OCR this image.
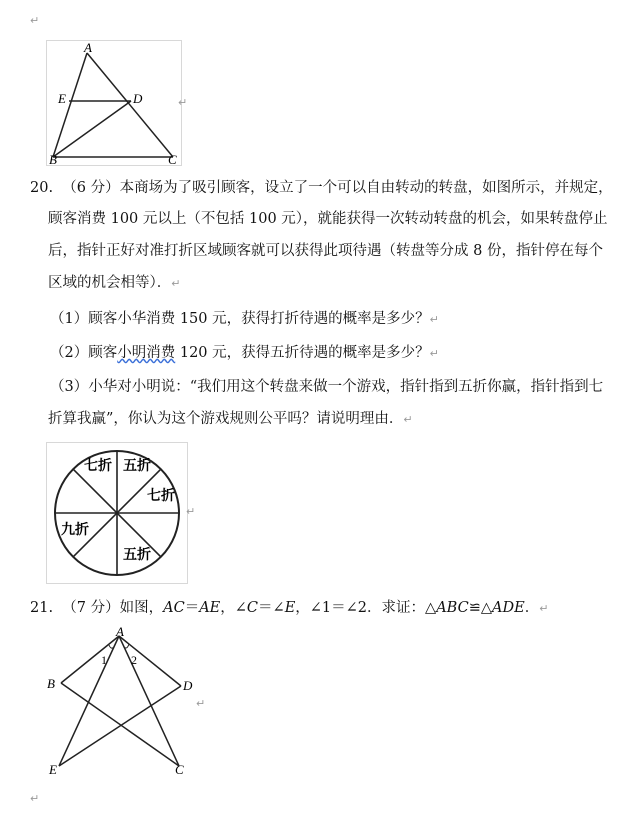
↵
A
E	D
B	C
↵
20. （6 分）本商场为了吸引顾客，设立了一个可以自由转动的转盘，如图所示，并规定，
顾客消费 100 元以上（不包括 100 元），就能获得一次转动转盘的机会，如果转盘停止
后，指针正好对准打折区域顾客就可以获得此项待遇（转盘等分成 8 份，指针停在每个
区域的机会相等）．↵
（1）顾客小华消费 150 元，获得打折待遇的概率是多少？↵
（2）顾客小明消费 120 元，获得五折待遇的概率是多少？↵
（3）小华对小明说：“我们用这个转盘来做一个游戏，指针指到五折你赢，指针指到七
折算我赢”，你认为这个游戏规则公平吗？请说明理由．↵
七折 五折
七折
九折
五折
↵
21. （7 分）如图，AC＝AE，∠C＝∠E，∠1＝∠2．求证：△ABC≌△ADE．↵
A
B	D
E	C
1 2
↵
↵
